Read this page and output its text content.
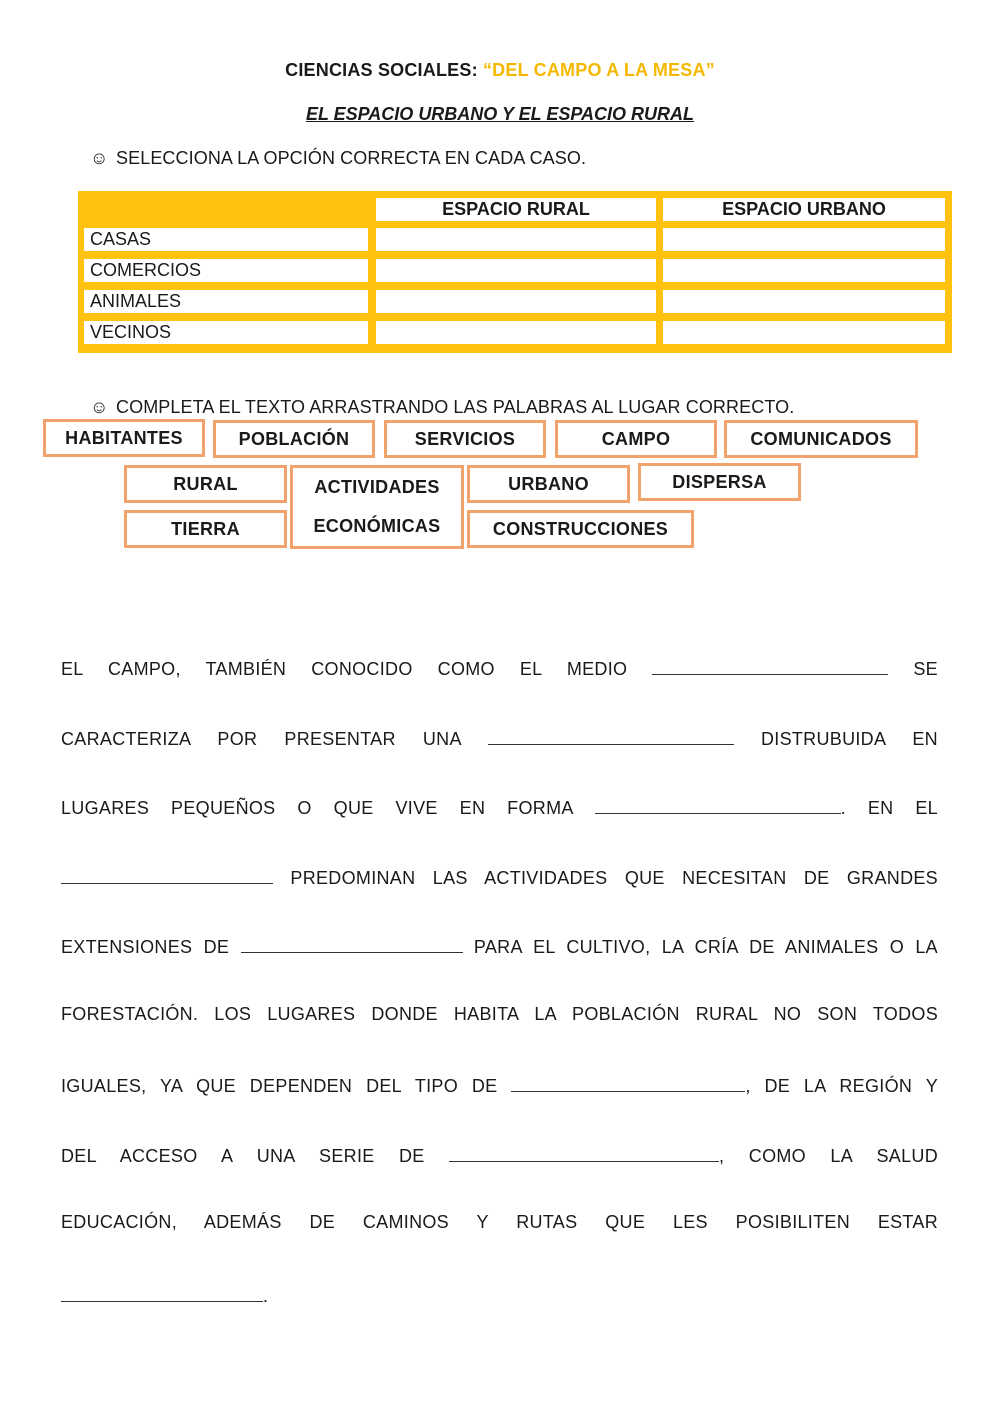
CIENCIAS SOCIALES: “DEL CAMPO A LA MESA”
EL ESPACIO URBANO Y EL ESPACIO RURAL
☺ SELECCIONA LA OPCIÓN CORRECTA EN CADA CASO.
ESPACIO RURAL	ESPACIO URBANO
CASAS
COMERCIOS
ANIMALES
VECINOS
☺ COMPLETA EL TEXTO ARRASTRANDO LAS PALABRAS AL LUGAR CORRECTO.
HABITANTES	POBLACIÓN	SERVICIOS	CAMPO	COMUNICADOS
RURAL	ACTIVIDADES
ECONÓMICAS
URBANO	DISPERSA
TIERRA	CONSTRUCCIONES
EL CAMPO, TAMBIÉN CONOCIDO COMO EL MEDIO	SE
CARACTERIZA POR PRESENTAR UNA	DISTRUBUIDA EN
LUGARES PEQUEÑOS O QUE VIVE EN FORMA	. EN EL
PREDOMINAN LAS ACTIVIDADES QUE NECESITAN DE GRANDES
EXTENSIONES DE	PARA EL CULTIVO, LA CRÍA DE ANIMALES O LA
FORESTACIÓN. LOS LUGARES DONDE HABITA LA POBLACIÓN RURAL NO SON TODOS
IGUALES, YA QUE DEPENDEN DEL TIPO DE	, DE LA REGIÓN Y
DEL ACCESO A UNA SERIE DE	, COMO LA SALUD
EDUCACIÓN, ADEMÁS DE CAMINOS Y RUTAS QUE LES POSIBILITEN ESTAR
.
